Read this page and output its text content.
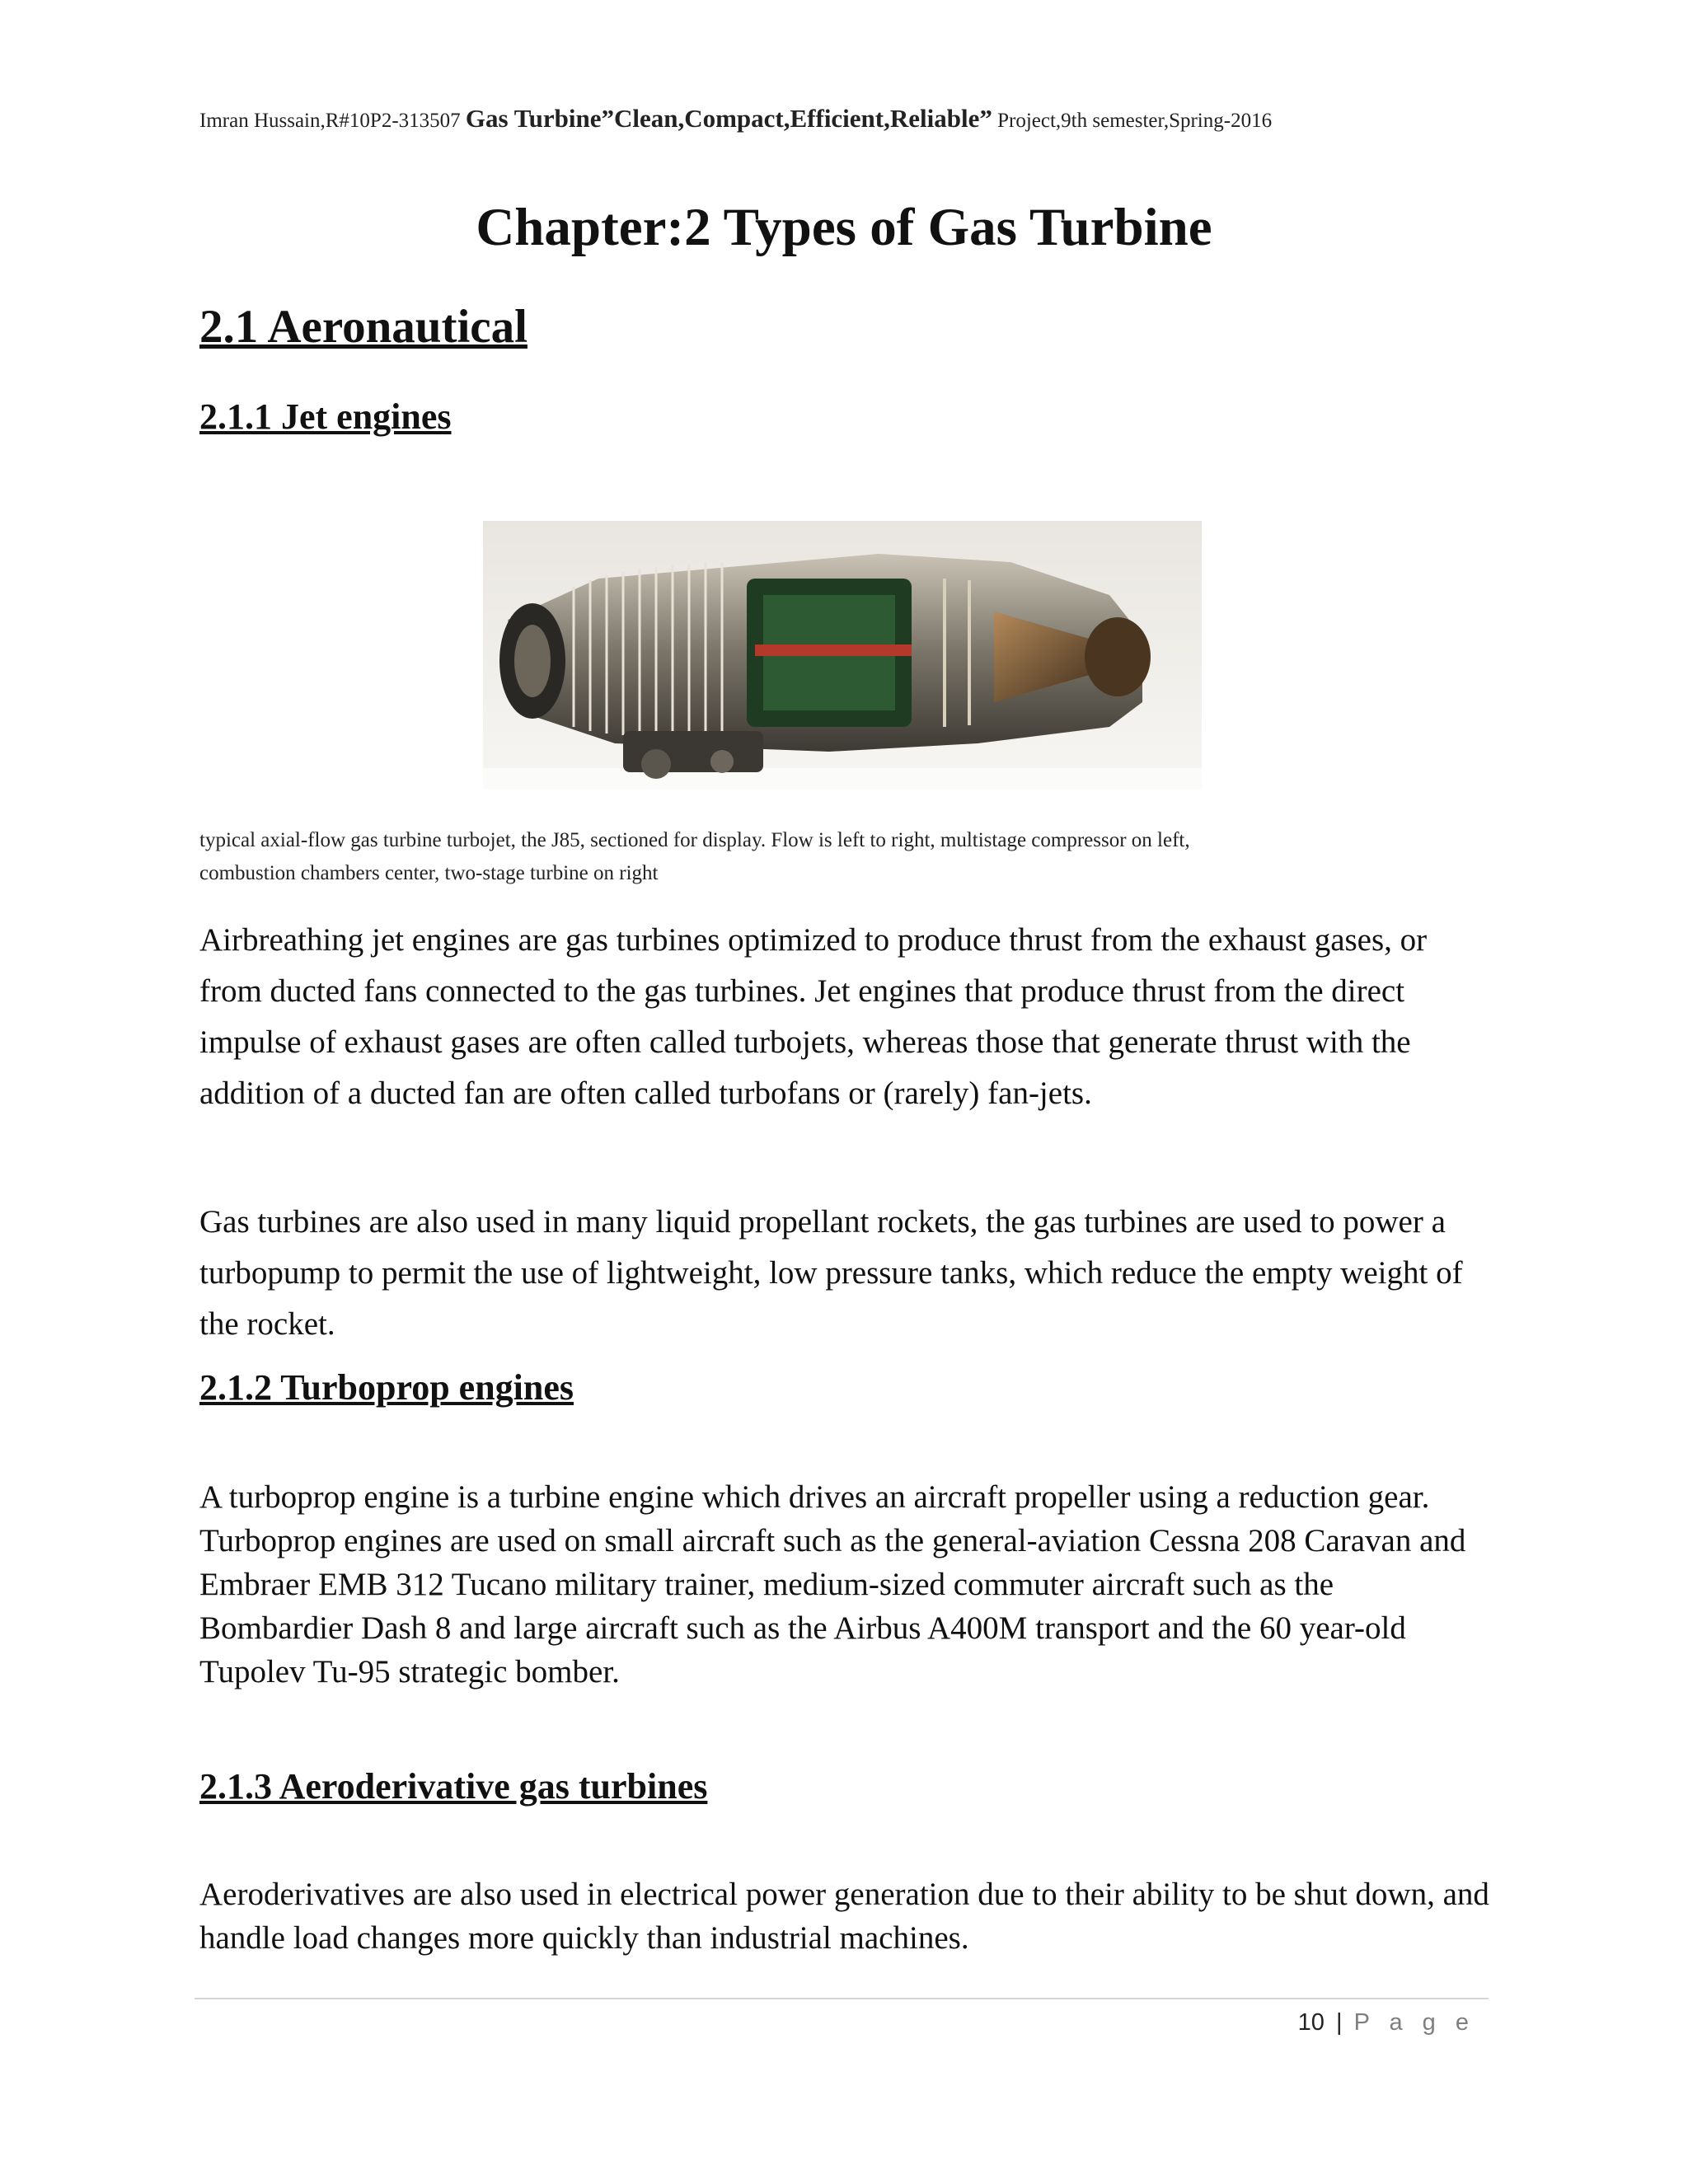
Imran Hussain,R#10P2-313507 Gas Turbine”Clean,Compact,Efficient,Reliable” Project,9th semester,Spring-2016
Chapter:2 Types of Gas Turbine
2.1 Aeronautical
2.1.1 Jet engines
typical axial-flow gas turbine turbojet, the J85, sectioned for display. Flow is left to right, multistage compressor on left,
combustion chambers center, two-stage turbine on right

Airbreathing jet engines are gas turbines optimized to produce thrust from the exhaust gases, or from ducted fans connected to the gas turbines. Jet engines that produce thrust from the direct impulse of exhaust gases are often called turbojets, whereas those that generate thrust with the addition of a ducted fan are often called turbofans or (rarely) fan-jets.

Gas turbines are also used in many liquid propellant rockets, the gas turbines are used to power a turbopump to permit the use of lightweight, low pressure tanks, which reduce the empty weight of the rocket.

2.1.2 Turboprop engines

A turboprop engine is a turbine engine which drives an aircraft propeller using a reduction gear. Turboprop engines are used on small aircraft such as the general-aviation Cessna 208 Caravan and Embraer EMB 312 Tucano military trainer, medium-sized commuter aircraft such as the Bombardier Dash 8 and large aircraft such as the Airbus A400M transport and the 60 year-old Tupolev Tu-95 strategic bomber.

2.1.3 Aeroderivative gas turbines

Aeroderivatives are also used in electrical power generation due to their ability to be shut down, and handle load changes more quickly than industrial machines.

10 | P a g e
